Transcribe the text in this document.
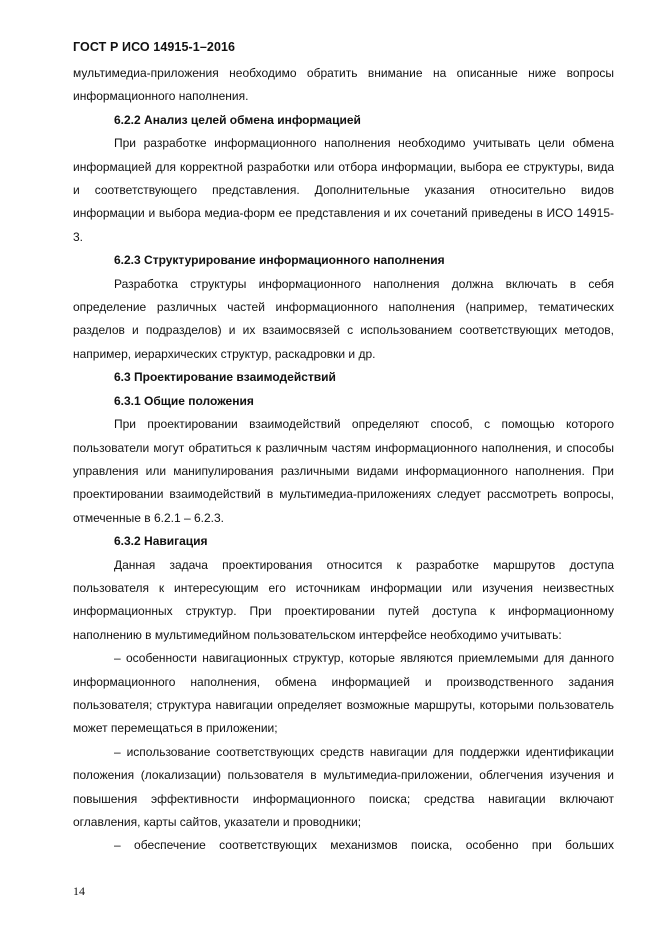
ГОСТ Р ИСО 14915-1–2016

мультимедиа-приложения необходимо обратить внимание на описанные ниже вопросы информационного наполнения.

6.2.2 Анализ целей обмена информацией

При разработке информационного наполнения необходимо учитывать цели обмена информацией для корректной разработки или отбора информации, выбора ее структуры, вида и соответствующего представления. Дополнительные указания относительно видов информации и выбора медиа-форм ее представления и их сочетаний приведены в ИСО 14915-3.

6.2.3 Структурирование информационного наполнения

Разработка структуры информационного наполнения должна включать в себя определение различных частей информационного наполнения (например, тематических разделов и подразделов) и их взаимосвязей с использованием соответствующих методов, например, иерархических структур, раскадровки и др.

6.3 Проектирование взаимодействий

6.3.1 Общие положения

При проектировании взаимодействий определяют способ, с помощью которого пользователи могут обратиться к различным частям информационного наполнения, и способы управления или манипулирования различными видами информационного наполнения. При проектировании взаимодействий в мультимедиа-приложениях следует рассмотреть вопросы, отмеченные в 6.2.1 – 6.2.3.

6.3.2 Навигация

Данная задача проектирования относится к разработке маршрутов доступа пользователя к интересующим его источникам информации или изучения неизвестных информационных структур. При проектировании путей доступа к информационному наполнению в мультимедийном пользовательском интерфейсе необходимо учитывать:

– особенности навигационных структур, которые являются приемлемыми для данного информационного наполнения, обмена информацией и производственного задания пользователя; структура навигации определяет возможные маршруты, которыми пользователь может перемещаться в приложении;

– использование соответствующих средств навигации для поддержки идентификации положения (локализации) пользователя в мультимедиа-приложении, облегчения изучения и повышения эффективности информационного поиска; средства навигации включают оглавления, карты сайтов, указатели и проводники;

– обеспечение соответствующих механизмов поиска, особенно при больших

14
